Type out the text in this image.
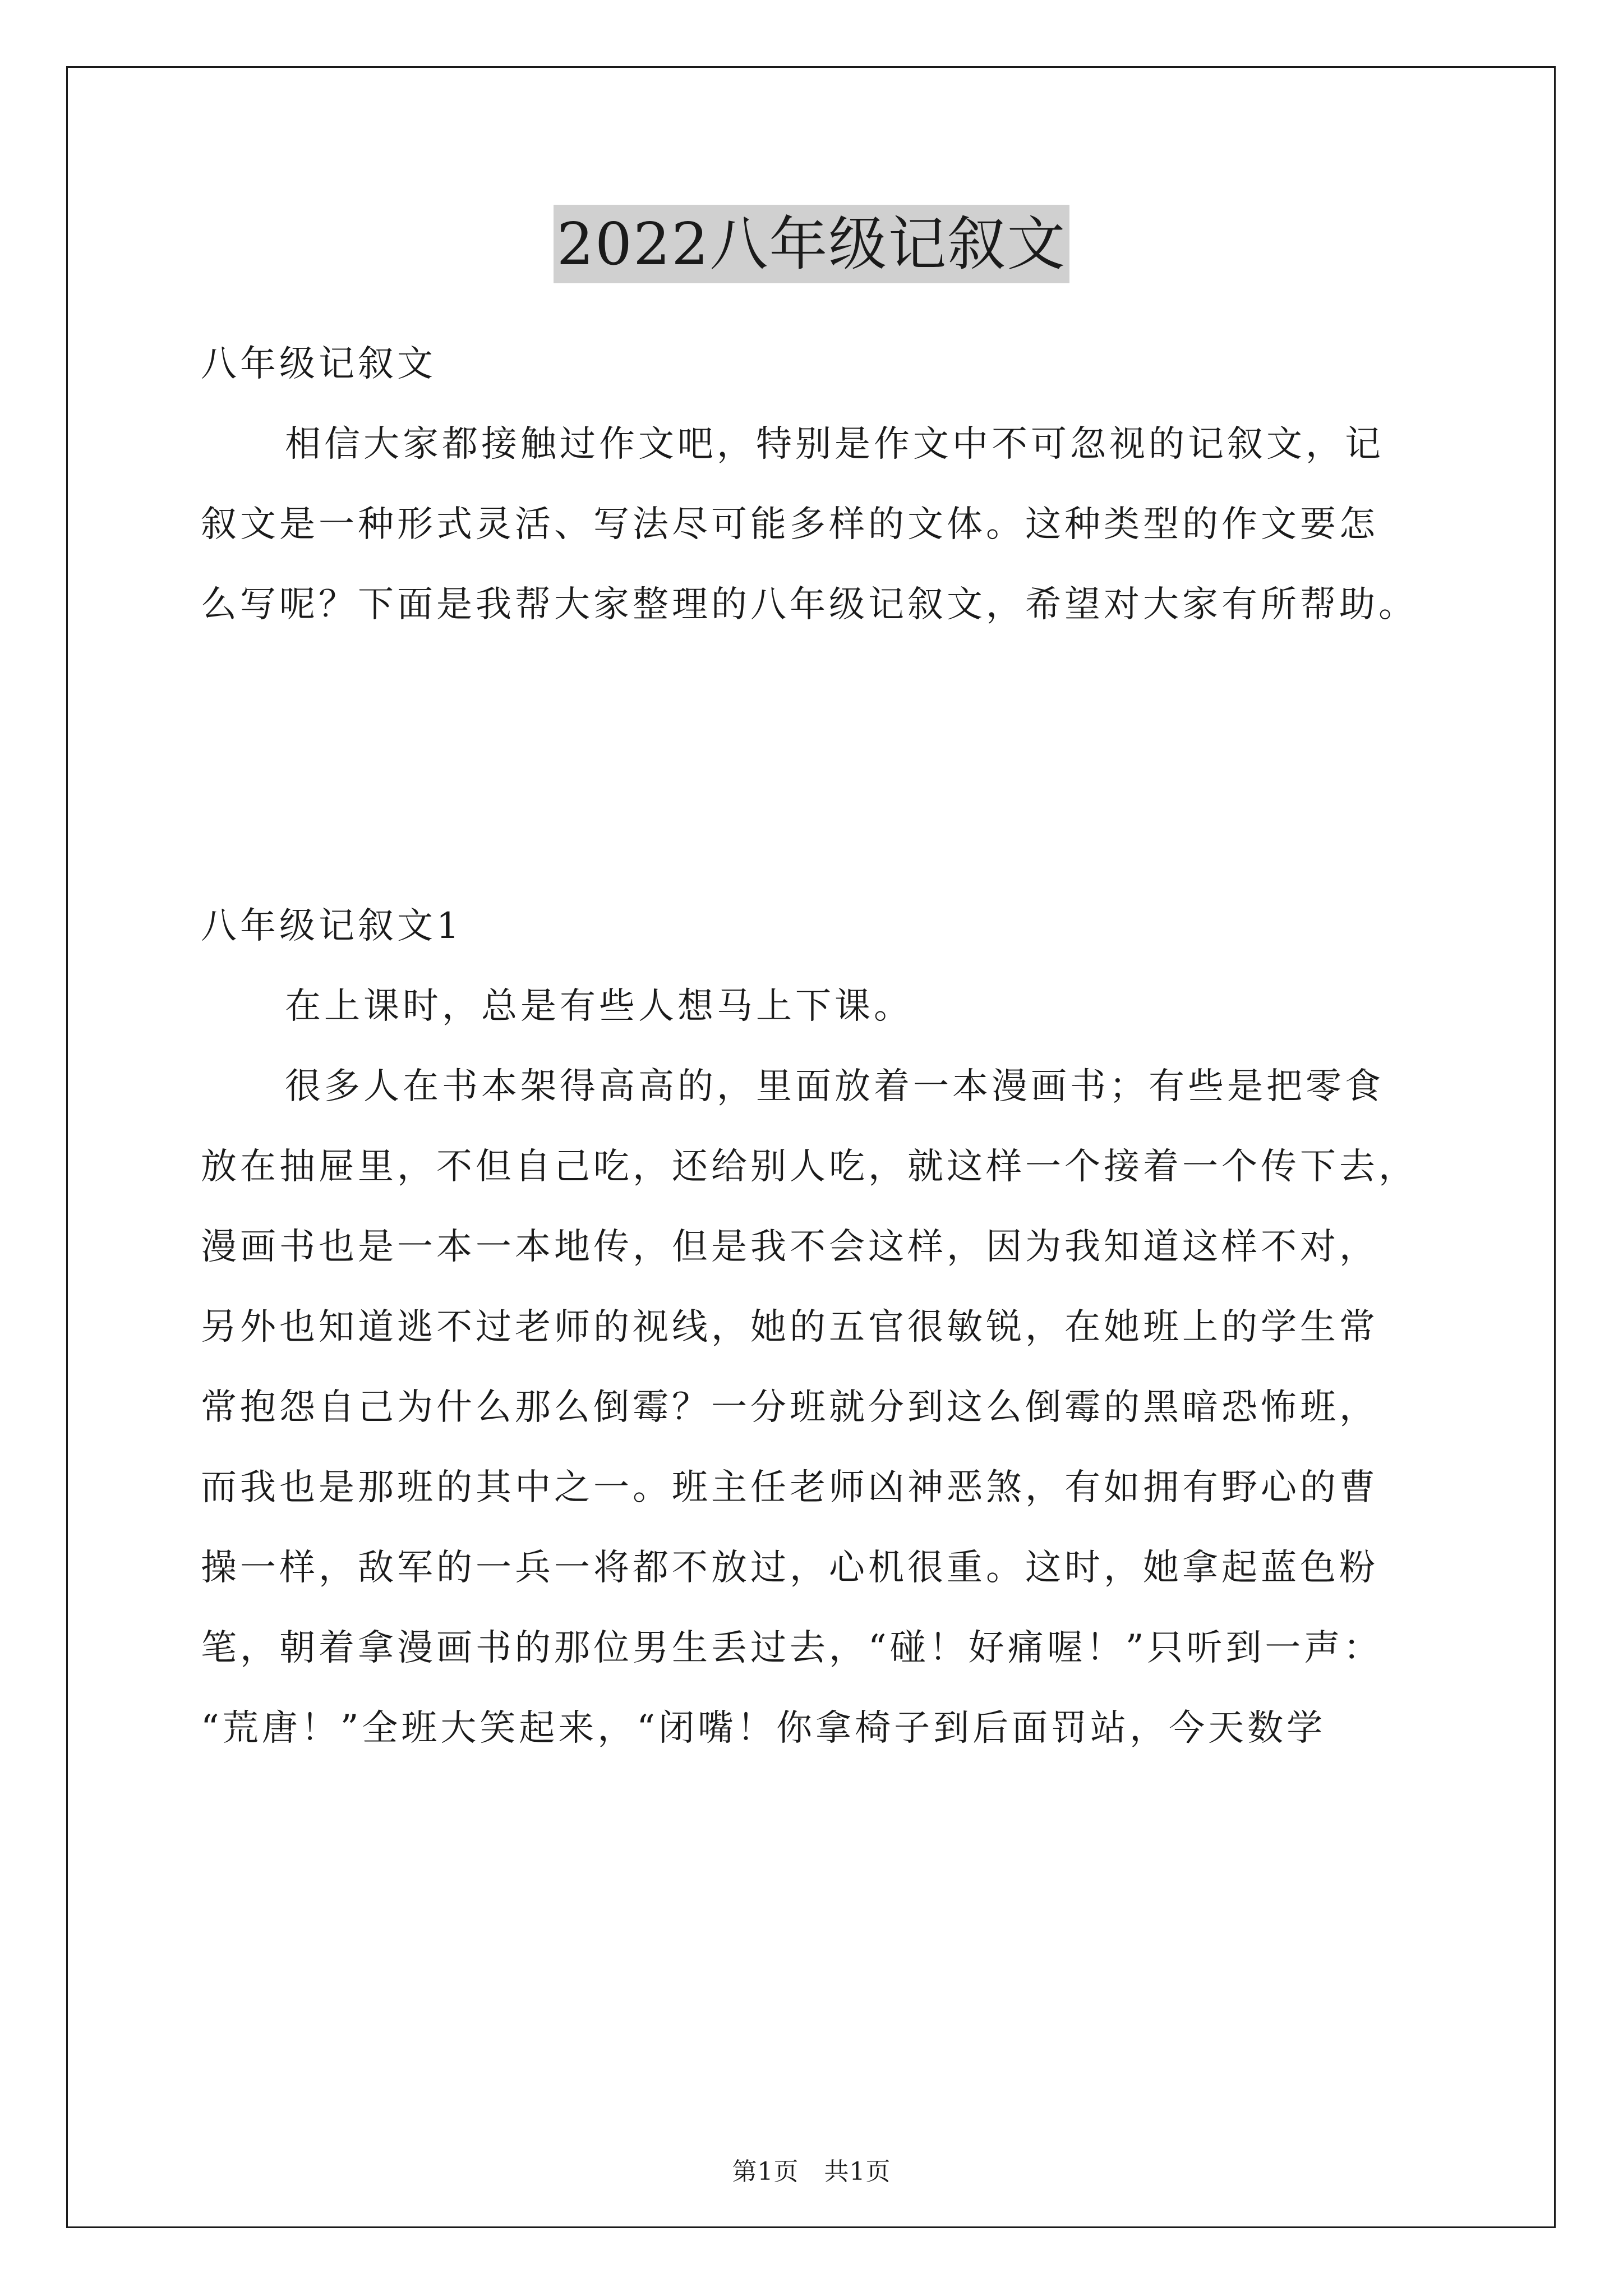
2022八年级记叙文
八年级记叙文
相信大家都接触过作文吧，特别是作文中不可忽视的记叙文，记
叙文是一种形式灵活、写法尽可能多样的文体。这种类型的作文要怎
么写呢？下面是我帮大家整理的八年级记叙文，希望对大家有所帮助。
八年级记叙文1
在上课时，总是有些人想马上下课。
很多人在书本架得高高的，里面放着一本漫画书；有些是把零食
放在抽屉里，不但自己吃，还给别人吃，就这样一个接着一个传下去，
漫画书也是一本一本地传，但是我不会这样，因为我知道这样不对，
另外也知道逃不过老师的视线，她的五官很敏锐，在她班上的学生常
常抱怨自己为什么那么倒霉？一分班就分到这么倒霉的黑暗恐怖班，
而我也是那班的其中之一。班主任老师凶神恶煞，有如拥有野心的曹
操一样，敌军的一兵一将都不放过，心机很重。这时，她拿起蓝色粉
笔，朝着拿漫画书的那位男生丢过去，“碰！好痛喔！”只听到一声：
“荒唐！”全班大笑起来，“闭嘴！你拿椅子到后面罚站，今天数学
第1页　共1页
